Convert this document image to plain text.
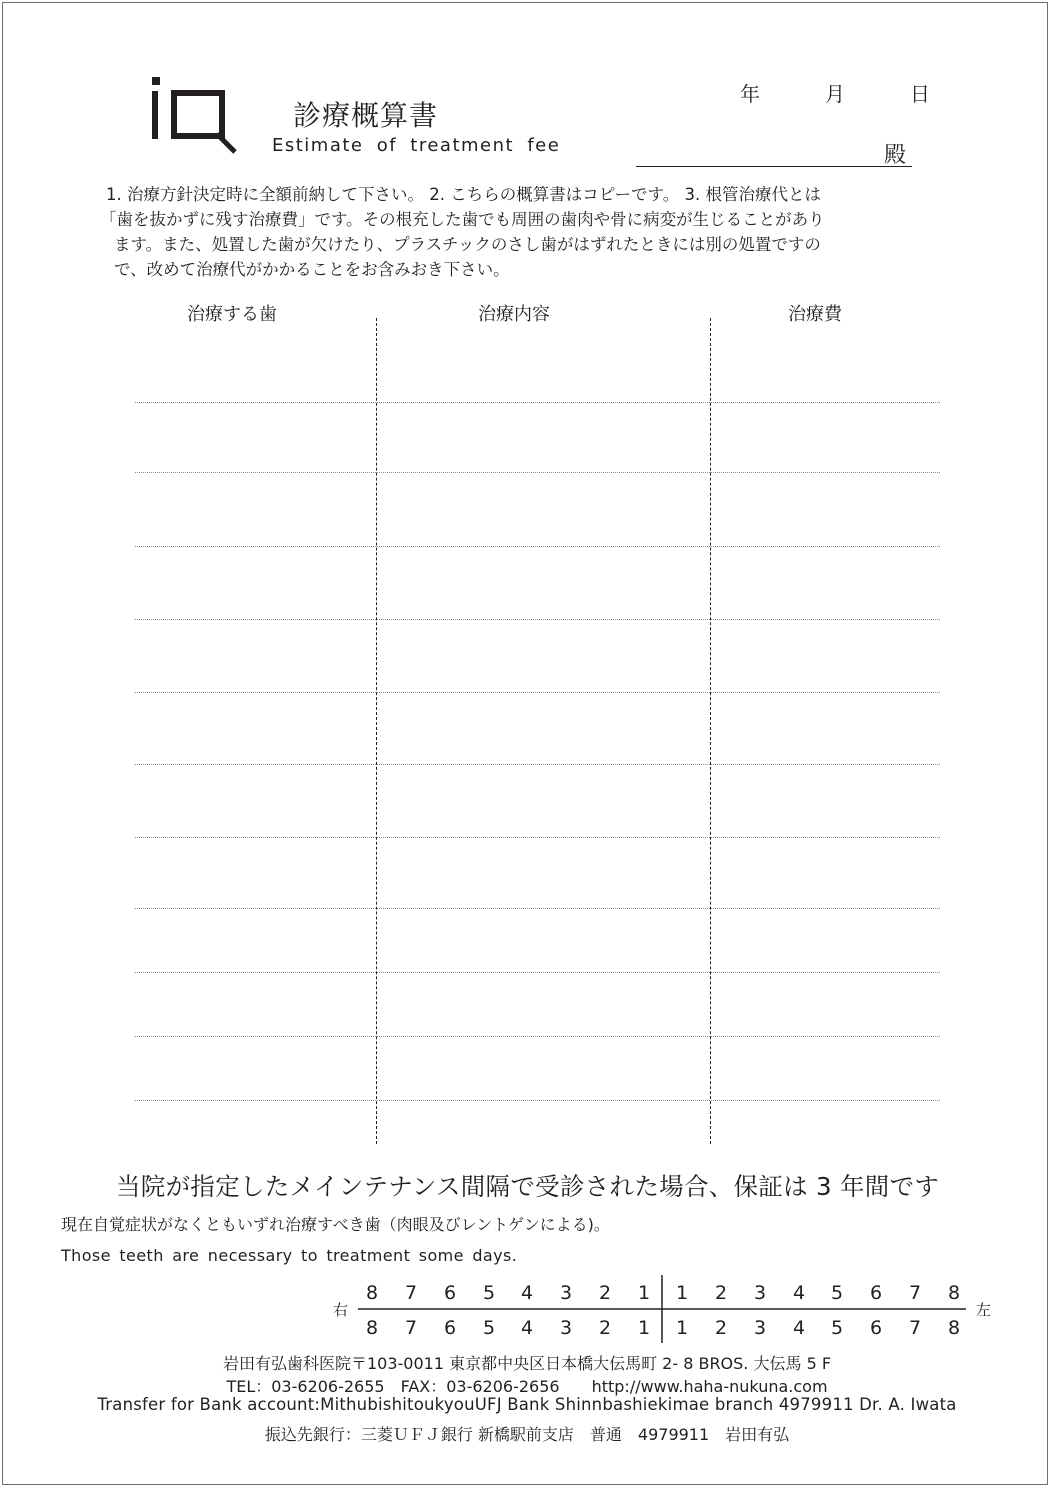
診療概算書
Estimate of treatment fee
年	月	日
殿
1. 治療方針決定時に全額前納して下さい。 2. こちらの概算書はコピーです。 3. 根管治療代とは
「歯を抜かずに残す治療費」です。その根充した歯でも周囲の歯肉や骨に病変が生じることがあり
ます。また、処置した歯が欠けたり、プラスチックのさし歯がはずれたときには別の処置ですの
で、改めて治療代がかかることをお含みおき下さい。
治療する歯	治療内容	治療費
当院が指定したメインテナンス間隔で受診された場合、保証は 3 年間です
現在自覚症状がなくともいずれ治療すべき歯（肉眼及びレントゲンによる)。
Those teeth are necessary to treatment some days.
右	左
8 7 6 5 4 3 2 1 1 2 3 4 5 6 7 8
8 7 6 5 4 3 2 1 1 2 3 4 5 6 7 8
岩田有弘歯科医院〒103-0011 東京都中央区日本橋大伝馬町 2- 8 BROS. 大伝馬 5 F
TEL：03-6206-2655　FAX：03-6206-2656　　http://www.haha-nukuna.com
Transfer for Bank account:MithubishitoukyouUFJ Bank Shinnbashiekimae branch 4979911 Dr. A. Iwata
振込先銀行：三菱ＵＦＪ銀行 新橋駅前支店　普通　4979911　岩田有弘
